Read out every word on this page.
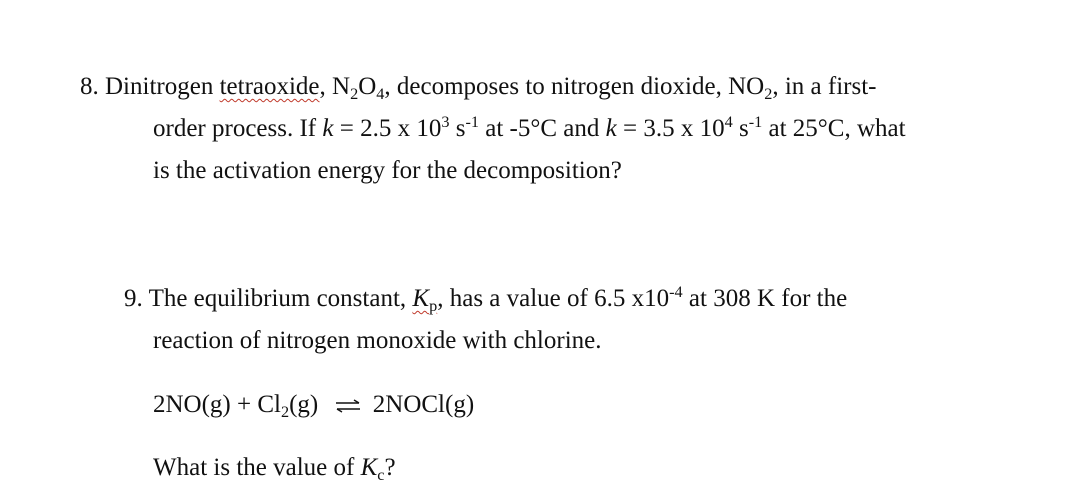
8. Dinitrogen tetraoxide, $N_2O_4$, decomposes to nitrogen dioxide, $NO_2$, in a first-
order process. If k = 2.5 x $10^3$ $s^{-1}$ at -5°C and k = 3.5 x $10^4$ $s^{-1}$ at 25°C, what
is the activation energy for the decomposition?
9. The equilibrium constant, $K_p$, has a value of 6.5 $x10^{-4}$ at 308 K for the
reaction of nitrogen monoxide with chlorine.
$2NO(g) + Cl_2(g)$ ⇌ 2NOCl(g)
What is the value of $K_c$?
